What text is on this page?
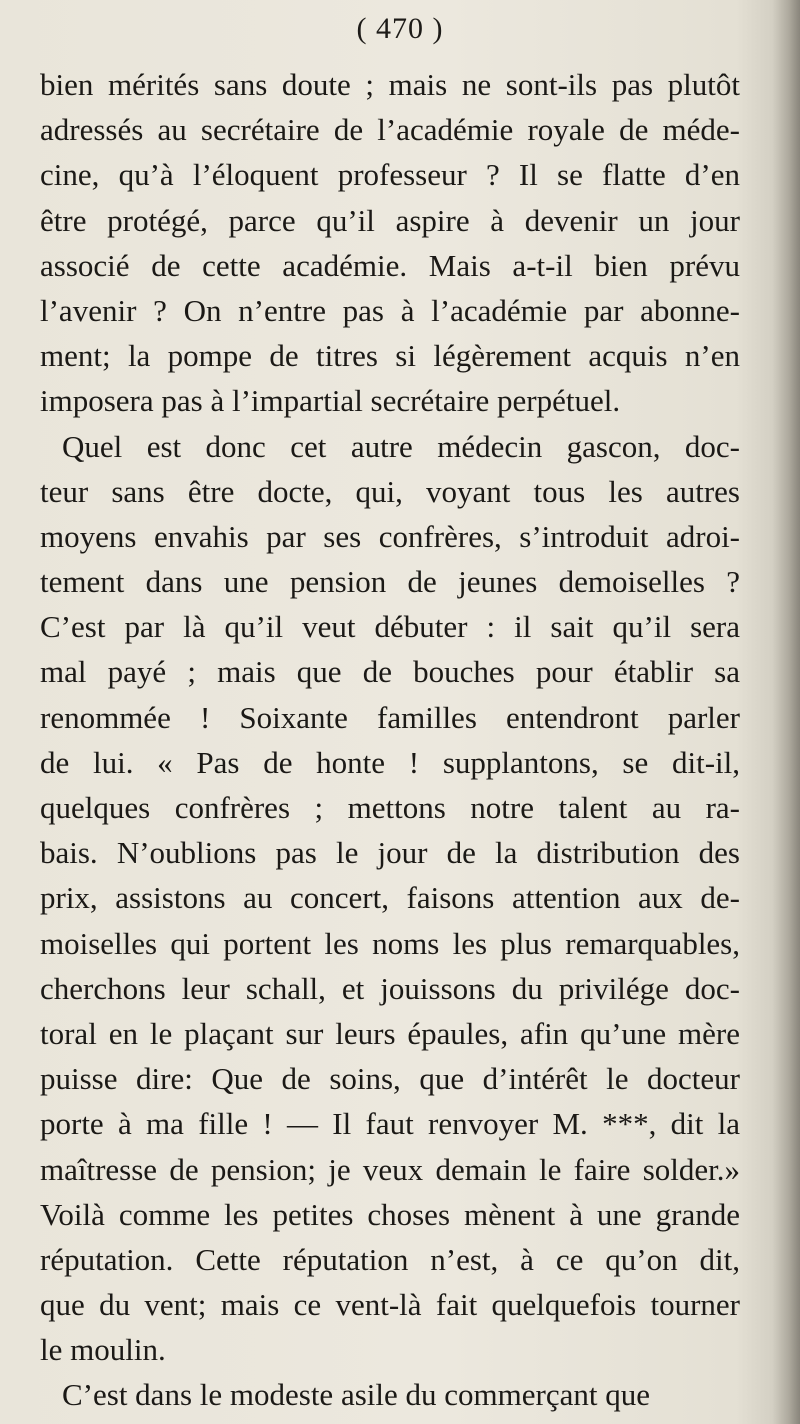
( 470 )
bien mérités sans doute ; mais ne sont-ils pas plutôt
adressés au secrétaire de l’académie royale de méde-
cine, qu’à l’éloquent professeur ? Il se flatte d’en
être protégé, parce qu’il aspire à devenir un jour
associé de cette académie. Mais a-t-il bien prévu
l’avenir ? On n’entre pas à l’académie par abonne-
ment; la pompe de titres si légèrement acquis n’en
imposera pas à l’impartial secrétaire perpétuel.
Quel est donc cet autre médecin gascon, doc-
teur sans être docte, qui, voyant tous les autres
moyens envahis par ses confrères, s’introduit adroi-
tement dans une pension de jeunes demoiselles ?
C’est par là qu’il veut débuter : il sait qu’il sera
mal payé ; mais que de bouches pour établir sa
renommée ! Soixante familles entendront parler
de lui. « Pas de honte ! supplantons, se dit-il,
quelques confrères ; mettons notre talent au ra-
bais. N’oublions pas le jour de la distribution des
prix, assistons au concert, faisons attention aux de-
moiselles qui portent les noms les plus remarquables,
cherchons leur schall, et jouissons du privilége doc-
toral en le plaçant sur leurs épaules, afin qu’une mère
puisse dire: Que de soins, que d’intérêt le docteur
porte à ma fille ! — Il faut renvoyer M. ***, dit la
maîtresse de pension; je veux demain le faire solder.»
Voilà comme les petites choses mènent à une grande
réputation. Cette réputation n’est, à ce qu’on dit,
que du vent; mais ce vent-là fait quelquefois tourner
le moulin.
C’est dans le modeste asile du commerçant que
